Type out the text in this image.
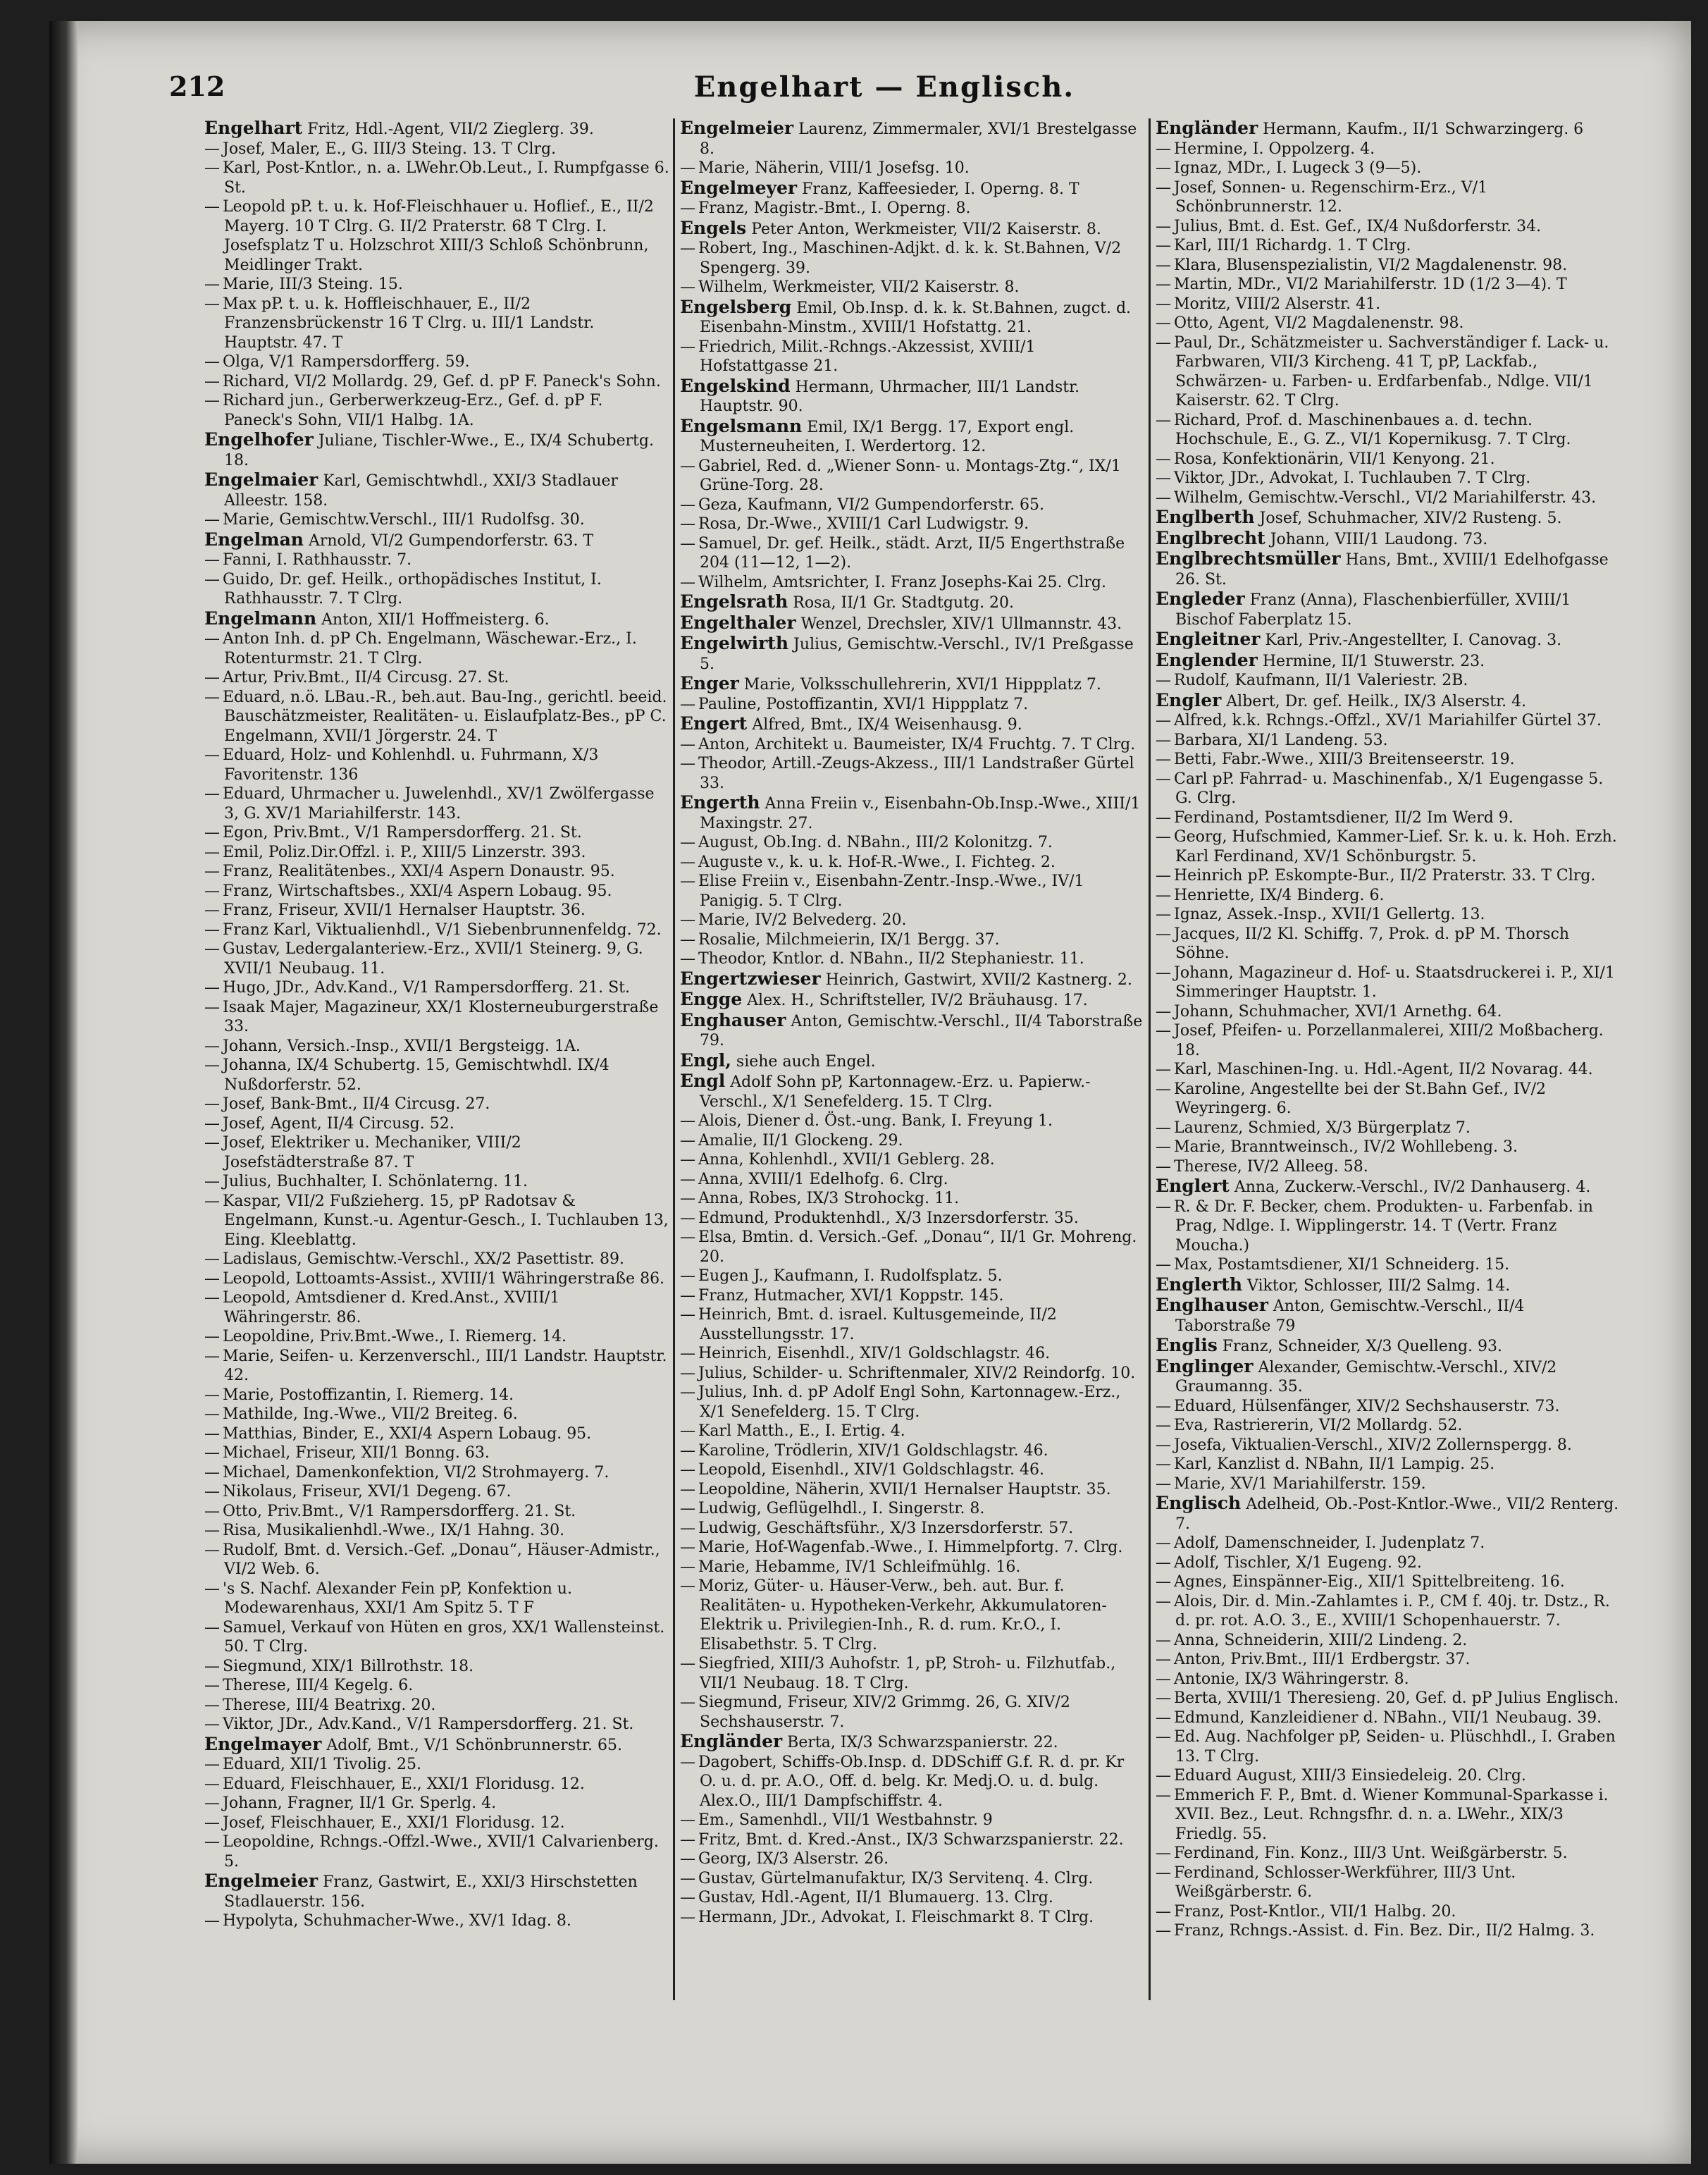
212	Engelhart — Englisch.
Engelhart Fritz, Hdl.-Agent, VII/2 Zieglerg. 39.
— Josef, Maler, E., G. III/3 Steing. 13. T Clrg.
— Karl, Post-Kntlor., n. a. LWehr.Ob.Leut., I. Rumpfgasse 6. St.
— Leopold pP. t. u. k. Hof-Fleischhauer u. Hoflief., E., II/2 Mayerg. 10 T Clrg. G. II/2 Praterstr. 68 T Clrg. I. Josefsplatz T u. Holzschrot XIII/3 Schloß Schönbrunn, Meidlinger Trakt.
— Marie, III/3 Steing. 15.
— Max pP. t. u. k. Hoffleischhauer, E., II/2 Franzensbrückenstr 16 T Clrg. u. III/1 Landstr. Hauptstr. 47. T
— Olga, V/1 Rampersdorfferg. 59.
— Richard, VI/2 Mollardg. 29, Gef. d. pP F. Paneck's Sohn.
— Richard jun., Gerberwerkzeug-Erz., Gef. d. pP F. Paneck's Sohn, VII/1 Halbg. 1A.
Engelhofer Juliane, Tischler-Wwe., E., IX/4 Schubertg. 18.
Engelmaier Karl, Gemischtwhdl., XXI/3 Stadlauer Alleestr. 158.
— Marie, Gemischtw.Verschl., III/1 Rudolfsg. 30.
Engelman Arnold, VI/2 Gumpendorferstr. 63. T
— Fanni, I. Rathhausstr. 7.
— Guido, Dr. gef. Heilk., orthopädisches Institut, I. Rathhausstr. 7. T Clrg.
Engelmann Anton, XII/1 Hoffmeisterg. 6.
— Anton Inh. d. pP Ch. Engelmann, Wäschewar.-Erz., I. Rotenturmstr. 21. T Clrg.
— Artur, Priv.Bmt., II/4 Circusg. 27. St.
— Eduard, n.ö. LBau.-R., beh.aut. Bau-Ing., gerichtl. beeid. Bauschätzmeister, Realitäten- u. Eislaufplatz-Bes., pP C. Engelmann, XVII/1 Jörgerstr. 24. T
— Eduard, Holz- und Kohlenhdl. u. Fuhrmann, X/3 Favoritenstr. 136
— Eduard, Uhrmacher u. Juwelenhdl., XV/1 Zwölfergasse 3, G. XV/1 Mariahilferstr. 143.
— Egon, Priv.Bmt., V/1 Rampersdorfferg. 21. St.
— Emil, Poliz.Dir.Offzl. i. P., XIII/5 Linzerstr. 393.
— Franz, Realitätenbes., XXI/4 Aspern Donaustr. 95.
— Franz, Wirtschaftsbes., XXI/4 Aspern Lobaug. 95.
— Franz, Friseur, XVII/1 Hernalser Hauptstr. 36.
— Franz Karl, Viktualienhdl., V/1 Siebenbrunnenfeldg. 72.
— Gustav, Ledergalanteriew.-Erz., XVII/1 Steinerg. 9, G. XVII/1 Neubaug. 11.
— Hugo, JDr., Adv.Kand., V/1 Rampersdorfferg. 21. St.
— Isaak Majer, Magazineur, XX/1 Klosterneuburgerstraße 33.
— Johann, Versich.-Insp., XVII/1 Bergsteigg. 1A.
— Johanna, IX/4 Schubertg. 15, Gemischtwhdl. IX/4 Nußdorferstr. 52.
— Josef, Bank-Bmt., II/4 Circusg. 27.
— Josef, Agent, II/4 Circusg. 52.
— Josef, Elektriker u. Mechaniker, VIII/2 Josefstädterstraße 87. T
— Julius, Buchhalter, I. Schönlaterng. 11.
— Kaspar, VII/2 Fußzieherg. 15, pP Radotsav & Engelmann, Kunst.-u. Agentur-Gesch., I. Tuchlauben 13, Eing. Kleeblattg.
— Ladislaus, Gemischtw.-Verschl., XX/2 Pasettistr. 89.
— Leopold, Lottoamts-Assist., XVIII/1 Währingerstraße 86.
— Leopold, Amtsdiener d. Kred.Anst., XVIII/1 Währingerstr. 86.
— Leopoldine, Priv.Bmt.-Wwe., I. Riemerg. 14.
— Marie, Seifen- u. Kerzenverschl., III/1 Landstr. Hauptstr. 42.
— Marie, Postoffizantin, I. Riemerg. 14.
— Mathilde, Ing.-Wwe., VII/2 Breiteg. 6.
— Matthias, Binder, E., XXI/4 Aspern Lobaug. 95.
— Michael, Friseur, XII/1 Bonng. 63.
— Michael, Damenkonfektion, VI/2 Strohmayerg. 7.
— Nikolaus, Friseur, XVI/1 Degeng. 67.
— Otto, Priv.Bmt., V/1 Rampersdorfferg. 21. St.
— Risa, Musikalienhdl.-Wwe., IX/1 Hahng. 30.
— Rudolf, Bmt. d. Versich.-Gef. „Donau“, Häuser-Admistr., VI/2 Web. 6.
— 's S. Nachf. Alexander Fein pP, Konfektion u. Modewarenhaus, XXI/1 Am Spitz 5. T F
— Samuel, Verkauf von Hüten en gros, XX/1 Wallensteinst. 50. T Clrg.
— Siegmund, XIX/1 Billrothstr. 18.
— Therese, III/4 Kegelg. 6.
— Therese, III/4 Beatrixg. 20.
— Viktor, JDr., Adv.Kand., V/1 Rampersdorfferg. 21. St.
Engelmayer Adolf, Bmt., V/1 Schönbrunnerstr. 65.
— Eduard, XII/1 Tivolig. 25.
— Eduard, Fleischhauer, E., XXI/1 Floridusg. 12.
— Johann, Fragner, II/1 Gr. Sperlg. 4.
— Josef, Fleischhauer, E., XXI/1 Floridusg. 12.
— Leopoldine, Rchngs.-Offzl.-Wwe., XVII/1 Calvarienberg. 5.
Engelmeier Franz, Gastwirt, E., XXI/3 Hirschstetten Stadlauerstr. 156.
— Hypolyta, Schuhmacher-Wwe., XV/1 Idag. 8.
Engelmeier Laurenz, Zimmermaler, XVI/1 Brestelgasse 8.
— Marie, Näherin, VIII/1 Josefsg. 10.
Engelmeyer Franz, Kaffeesieder, I. Operng. 8. T
— Franz, Magistr.-Bmt., I. Operng. 8.
Engels Peter Anton, Werkmeister, VII/2 Kaiserstr. 8.
— Robert, Ing., Maschinen-Adjkt. d. k. k. St.Bahnen, V/2 Spengerg. 39.
— Wilhelm, Werkmeister, VII/2 Kaiserstr. 8.
Engelsberg Emil, Ob.Insp. d. k. k. St.Bahnen, zugct. d. Eisenbahn-Minstm., XVIII/1 Hofstattg. 21.
— Friedrich, Milit.-Rchngs.-Akzessist, XVIII/1 Hofstattgasse 21.
Engelskind Hermann, Uhrmacher, III/1 Landstr. Hauptstr. 90.
Engelsmann Emil, IX/1 Bergg. 17, Export engl. Musterneuheiten, I. Werdertorg. 12.
— Gabriel, Red. d. „Wiener Sonn- u. Montags-Ztg.“, IX/1 Grüne-Torg. 28.
— Geza, Kaufmann, VI/2 Gumpendorferstr. 65.
— Rosa, Dr.-Wwe., XVIII/1 Carl Ludwigstr. 9.
— Samuel, Dr. gef. Heilk., städt. Arzt, II/5 Engerthstraße 204 (11—12, 1—2).
— Wilhelm, Amtsrichter, I. Franz Josephs-Kai 25. Clrg.
Engelsrath Rosa, II/1 Gr. Stadtgutg. 20.
Engelthaler Wenzel, Drechsler, XIV/1 Ullmannstr. 43.
Engelwirth Julius, Gemischtw.-Verschl., IV/1 Preßgasse 5.
Enger Marie, Volksschullehrerin, XVI/1 Hippplatz 7.
— Pauline, Postoffizantin, XVI/1 Hippplatz 7.
Engert Alfred, Bmt., IX/4 Weisenhausg. 9.
— Anton, Architekt u. Baumeister, IX/4 Fruchtg. 7. T Clrg.
— Theodor, Artill.-Zeugs-Akzess., III/1 Landstraßer Gürtel 33.
Engerth Anna Freiin v., Eisenbahn-Ob.Insp.-Wwe., XIII/1 Maxingstr. 27.
— August, Ob.Ing. d. NBahn., III/2 Kolonitzg. 7.
— Auguste v., k. u. k. Hof-R.-Wwe., I. Fichteg. 2.
— Elise Freiin v., Eisenbahn-Zentr.-Insp.-Wwe., IV/1 Panigig. 5. T Clrg.
— Marie, IV/2 Belvederg. 20.
— Rosalie, Milchmeierin, IX/1 Bergg. 37.
— Theodor, Kntlor. d. NBahn., II/2 Stephaniestr. 11.
Engertzwieser Heinrich, Gastwirt, XVII/2 Kastnerg. 2.
Engge Alex. H., Schriftsteller, IV/2 Bräuhausg. 17.
Enghauser Anton, Gemischtw.-Verschl., II/4 Taborstraße 79.
Engl, siehe auch Engel.
Engl Adolf Sohn pP, Kartonnagew.-Erz. u. Papierw.-Verschl., X/1 Senefelderg. 15. T Clrg.
— Alois, Diener d. Öst.-ung. Bank, I. Freyung 1.
— Amalie, II/1 Glockeng. 29.
— Anna, Kohlenhdl., XVII/1 Geblerg. 28.
— Anna, XVIII/1 Edelhofg. 6. Clrg.
— Anna, Robes, IX/3 Strohockg. 11.
— Edmund, Produktenhdl., X/3 Inzersdorferstr. 35.
— Elsa, Bmtin. d. Versich.-Gef. „Donau“, II/1 Gr. Mohreng. 20.
— Eugen J., Kaufmann, I. Rudolfsplatz. 5.
— Franz, Hutmacher, XVI/1 Koppstr. 145.
— Heinrich, Bmt. d. israel. Kultusgemeinde, II/2 Ausstellungsstr. 17.
— Heinrich, Eisenhdl., XIV/1 Goldschlagstr. 46.
— Julius, Schilder- u. Schriftenmaler, XIV/2 Reindorfg. 10.
— Julius, Inh. d. pP Adolf Engl Sohn, Kartonnagew.-Erz., X/1 Senefelderg. 15. T Clrg.
— Karl Matth., E., I. Ertig. 4.
— Karoline, Trödlerin, XIV/1 Goldschlagstr. 46.
— Leopold, Eisenhdl., XIV/1 Goldschlagstr. 46.
— Leopoldine, Näherin, XVII/1 Hernalser Hauptstr. 35.
— Ludwig, Geflügelhdl., I. Singerstr. 8.
— Ludwig, Geschäftsführ., X/3 Inzersdorferstr. 57.
— Marie, Hof-Wagenfab.-Wwe., I. Himmelpfortg. 7. Clrg.
— Marie, Hebamme, IV/1 Schleifmühlg. 16.
— Moriz, Güter- u. Häuser-Verw., beh. aut. Bur. f. Realitäten- u. Hypotheken-Verkehr, Akkumulatoren-Elektrik u. Privilegien-Inh., R. d. rum. Kr.O., I. Elisabethstr. 5. T Clrg.
— Siegfried, XIII/3 Auhofstr. 1, pP, Stroh- u. Filzhutfab., VII/1 Neubaug. 18. T Clrg.
— Siegmund, Friseur, XIV/2 Grimmg. 26, G. XIV/2 Sechshauserstr. 7.
Engländer Berta, IX/3 Schwarzspanierstr. 22.
— Dagobert, Schiffs-Ob.Insp. d. DDSchiff G.f. R. d. pr. Kr O. u. d. pr. A.O., Off. d. belg. Kr. Medj.O. u. d. bulg. Alex.O., III/1 Dampfschiffstr. 4.
— Em., Samenhdl., VII/1 Westbahnstr. 9
— Fritz, Bmt. d. Kred.-Anst., IX/3 Schwarzspanierstr. 22.
— Georg, IX/3 Alserstr. 26.
— Gustav, Gürtelmanufaktur, IX/3 Servitenq. 4. Clrg.
— Gustav, Hdl.-Agent, II/1 Blumauerg. 13. Clrg.
— Hermann, JDr., Advokat, I. Fleischmarkt 8. T Clrg.
Engländer Hermann, Kaufm., II/1 Schwarzingerg. 6
— Hermine, I. Oppolzerg. 4.
— Ignaz, MDr., I. Lugeck 3 (9—5).
— Josef, Sonnen- u. Regenschirm-Erz., V/1 Schönbrunnerstr. 12.
— Julius, Bmt. d. Est. Gef., IX/4 Nußdorferstr. 34.
— Karl, III/1 Richardg. 1. T Clrg.
— Klara, Blusenspezialistin, VI/2 Magdalenenstr. 98.
— Martin, MDr., VI/2 Mariahilferstr. 1D (1/2 3—4). T
— Moritz, VIII/2 Alserstr. 41.
— Otto, Agent, VI/2 Magdalenenstr. 98.
— Paul, Dr., Schätzmeister u. Sachverständiger f. Lack- u. Farbwaren, VII/3 Kircheng. 41 T, pP, Lackfab., Schwärzen- u. Farben- u. Erdfarbenfab., Ndlge. VII/1 Kaiserstr. 62. T Clrg.
— Richard, Prof. d. Maschinenbaues a. d. techn. Hochschule, E., G. Z., VI/1 Kopernikusg. 7. T Clrg.
— Rosa, Konfektionärin, VII/1 Kenyong. 21.
— Viktor, JDr., Advokat, I. Tuchlauben 7. T Clrg.
— Wilhelm, Gemischtw.-Verschl., VI/2 Mariahilferstr. 43.
Englberth Josef, Schuhmacher, XIV/2 Rusteng. 5.
Englbrecht Johann, VIII/1 Laudong. 73.
Englbrechtsmüller Hans, Bmt., XVIII/1 Edelhofgasse 26. St.
Engleder Franz (Anna), Flaschenbierfüller, XVIII/1 Bischof Faberplatz 15.
Engleitner Karl, Priv.-Angestellter, I. Canovag. 3.
Englender Hermine, II/1 Stuwerstr. 23.
— Rudolf, Kaufmann, II/1 Valeriestr. 2B.
Engler Albert, Dr. gef. Heilk., IX/3 Alserstr. 4.
— Alfred, k.k. Rchngs.-Offzl., XV/1 Mariahilfer Gürtel 37.
— Barbara, XI/1 Landeng. 53.
— Betti, Fabr.-Wwe., XIII/3 Breitenseerstr. 19.
— Carl pP. Fahrrad- u. Maschinenfab., X/1 Eugengasse 5. G. Clrg.
— Ferdinand, Postamtsdiener, II/2 Im Werd 9.
— Georg, Hufschmied, Kammer-Lief. Sr. k. u. k. Hoh. Erzh. Karl Ferdinand, XV/1 Schönburgstr. 5.
— Heinrich pP. Eskompte-Bur., II/2 Praterstr. 33. T Clrg.
— Henriette, IX/4 Binderg. 6.
— Ignaz, Assek.-Insp., XVII/1 Gellertg. 13.
— Jacques, II/2 Kl. Schiffg. 7, Prok. d. pP M. Thorsch Söhne.
— Johann, Magazineur d. Hof- u. Staatsdruckerei i. P., XI/1 Simmeringer Hauptstr. 1.
— Johann, Schuhmacher, XVI/1 Arnethg. 64.
— Josef, Pfeifen- u. Porzellanmalerei, XIII/2 Moßbacherg. 18.
— Karl, Maschinen-Ing. u. Hdl.-Agent, II/2 Novarag. 44.
— Karoline, Angestellte bei der St.Bahn Gef., IV/2 Weyringerg. 6.
— Laurenz, Schmied, X/3 Bürgerplatz 7.
— Marie, Branntweinsch., IV/2 Wohllebeng. 3.
— Therese, IV/2 Alleeg. 58.
Englert Anna, Zuckerw.-Verschl., IV/2 Danhauserg. 4.
— R. & Dr. F. Becker, chem. Produkten- u. Farbenfab. in Prag, Ndlge. I. Wipplingerstr. 14. T (Vertr. Franz Moucha.)
— Max, Postamtsdiener, XI/1 Schneiderg. 15.
Englerth Viktor, Schlosser, III/2 Salmg. 14.
Englhauser Anton, Gemischtw.-Verschl., II/4 Taborstraße 79
Englis Franz, Schneider, X/3 Quelleng. 93.
Englinger Alexander, Gemischtw.-Verschl., XIV/2 Graumanng. 35.
— Eduard, Hülsenfänger, XIV/2 Sechshauserstr. 73.
— Eva, Rastriererin, VI/2 Mollardg. 52.
— Josefa, Viktualien-Verschl., XIV/2 Zollernspergg. 8.
— Karl, Kanzlist d. NBahn, II/1 Lampig. 25.
— Marie, XV/1 Mariahilferstr. 159.
Englisch Adelheid, Ob.-Post-Kntlor.-Wwe., VII/2 Renterg. 7.
— Adolf, Damenschneider, I. Judenplatz 7.
— Adolf, Tischler, X/1 Eugeng. 92.
— Agnes, Einspänner-Eig., XII/1 Spittelbreiteng. 16.
— Alois, Dir. d. Min.-Zahlamtes i. P., CM f. 40j. tr. Dstz., R. d. pr. rot. A.O. 3., E., XVIII/1 Schopenhauerstr. 7.
— Anna, Schneiderin, XIII/2 Lindeng. 2.
— Anton, Priv.Bmt., III/1 Erdbergstr. 37.
— Antonie, IX/3 Währingerstr. 8.
— Berta, XVIII/1 Theresieng. 20, Gef. d. pP Julius Englisch.
— Edmund, Kanzleidiener d. NBahn., VII/1 Neubaug. 39.
— Ed. Aug. Nachfolger pP, Seiden- u. Plüschhdl., I. Graben 13. T Clrg.
— Eduard August, XIII/3 Einsiedeleig. 20. Clrg.
— Emmerich F. P., Bmt. d. Wiener Kommunal-Sparkasse i. XVII. Bez., Leut. Rchngsfhr. d. n. a. LWehr., XIX/3 Friedlg. 55.
— Ferdinand, Fin. Konz., III/3 Unt. Weißgärberstr. 5.
— Ferdinand, Schlosser-Werkführer, III/3 Unt. Weißgärberstr. 6.
— Franz, Post-Kntlor., VII/1 Halbg. 20.
— Franz, Rchngs.-Assist. d. Fin. Bez. Dir., II/2 Halmg. 3.
